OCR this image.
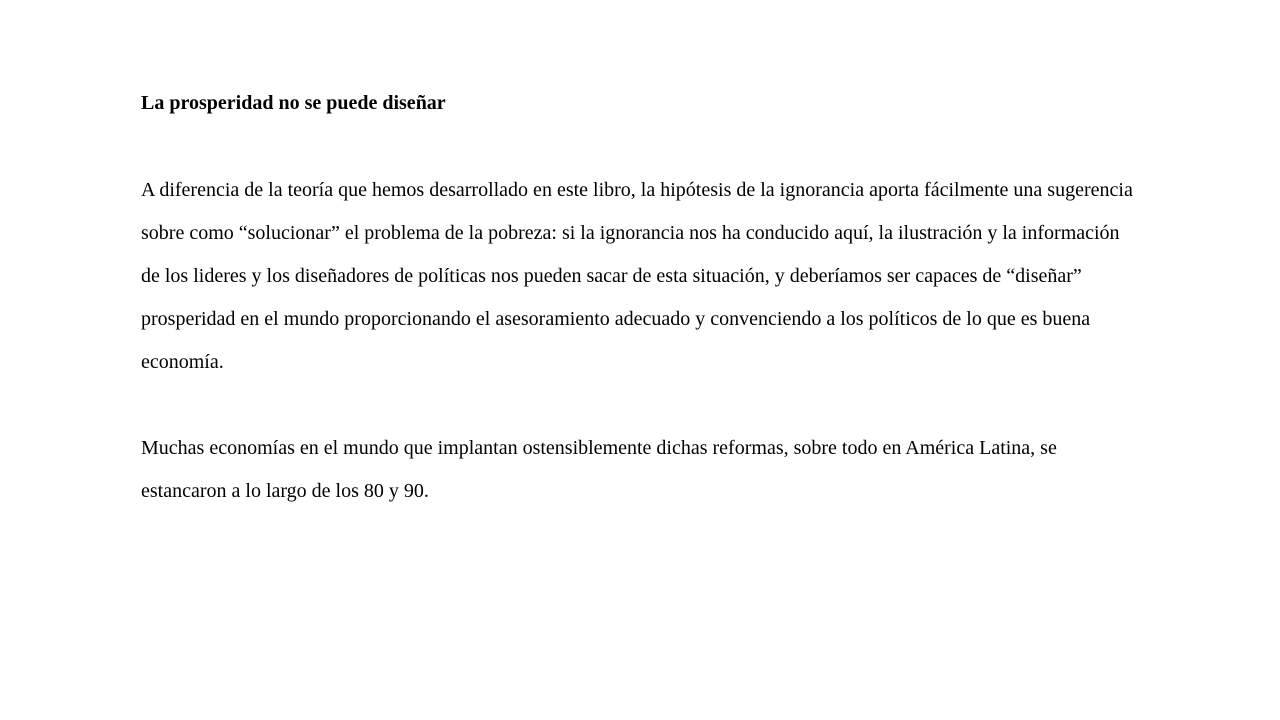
La prosperidad no se puede diseñar

A diferencia de la teoría que hemos desarrollado en este libro, la hipótesis de la ignorancia aporta fácilmente una sugerencia sobre como “solucionar” el problema de la pobreza: si la ignorancia nos ha conducido aquí, la ilustración y la información de los lideres y los diseñadores de políticas nos pueden sacar de esta situación, y deberíamos ser capaces de “diseñar” prosperidad en el mundo proporcionando el asesoramiento adecuado y convenciendo a los políticos de lo que es buena economía.

Muchas economías en el mundo que implantan ostensiblemente dichas reformas, sobre todo en América Latina, se estancaron a lo largo de los 80 y 90.
